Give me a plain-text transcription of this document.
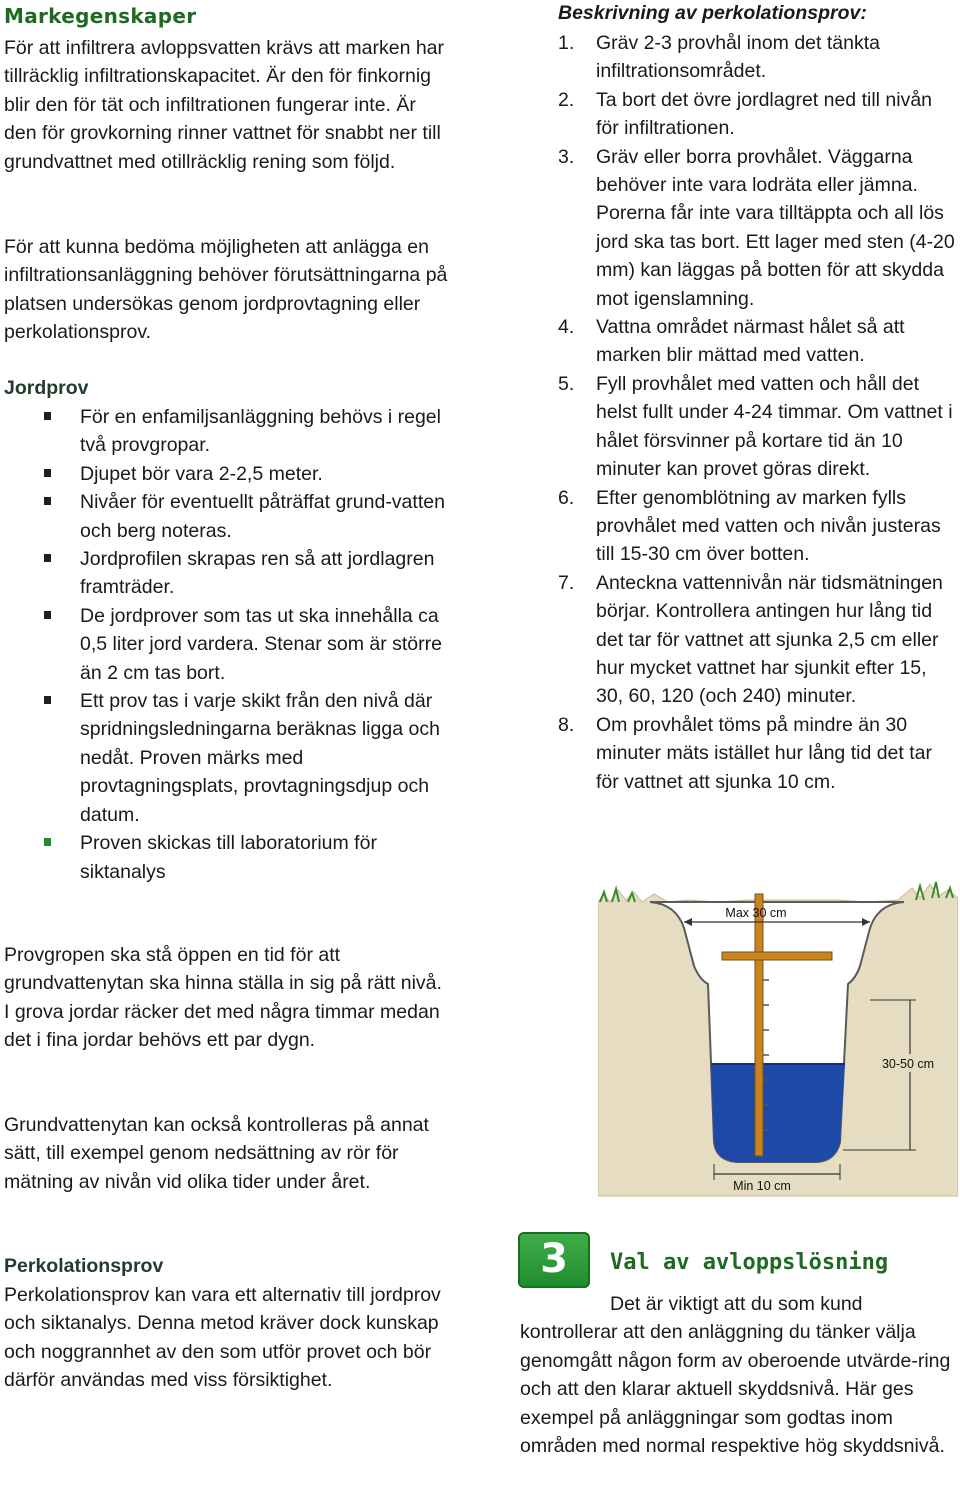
Markegenskaper

För att infiltrera avloppsvatten krävs att marken har tillräcklig infiltrationskapacitet. Är den för finkornig blir den för tät och infiltrationen fungerar inte. Är den för grovkorning rinner vattnet för snabbt ner till grundvattnet med otillräcklig rening som följd.

För att kunna bedöma möjligheten att anlägga en infiltrationsanläggning behöver förutsättningarna på platsen undersökas genom jordprovtagning eller perkolationsprov.

Jordprov
För en enfamiljsanläggning behövs i regel två provgropar.
Djupet bör vara 2-2,5 meter.
Nivåer för eventuellt påträffat grund-vatten och berg noteras.
Jordprofilen skrapas ren så att jordlagren framträder.
De jordprover som tas ut ska innehålla ca 0,5 liter jord vardera. Stenar som är större än 2 cm tas bort.
Ett prov tas i varje skikt från den nivå där spridningsledningarna beräknas ligga och nedåt. Proven märks med provtagningsplats, provtagningsdjup och datum.
Proven skickas till laboratorium för siktanalys

Provgropen ska stå öppen en tid för att grundvattenytan ska hinna ställa in sig på rätt nivå. I grova jordar räcker det med några timmar medan det i fina jordar behövs ett par dygn.

Grundvattenytan kan också kontrolleras på annat sätt, till exempel genom nedsättning av rör för mätning av nivån vid olika tider under året.

Perkolationsprov

Perkolationsprov kan vara ett alternativ till jordprov och siktanalys. Denna metod kräver dock kunskap och noggrannhet av den som utför provet och bör därför användas med viss försiktighet.

Beskrivning av perkolationsprov:
1. Gräv 2-3 provhål inom det tänkta infiltrationsområdet.
2. Ta bort det övre jordlagret ned till nivån för infiltrationen.
3. Gräv eller borra provhålet. Väggarna behöver inte vara lodräta eller jämna. Porerna får inte vara tilltäppta och all lös jord ska tas bort. Ett lager med sten (4-20 mm) kan läggas på botten för att skydda mot igenslamning.
4. Vattna området närmast hålet så att marken blir mättad med vatten.
5. Fyll provhålet med vatten och håll det helst fullt under 4-24 timmar. Om vattnet i hålet försvinner på kortare tid än 10 minuter kan provet göras direkt.
6. Efter genomblötning av marken fylls provhålet med vatten och nivån justeras till 15-30 cm över botten.
7. Anteckna vattennivån när tidsmätningen börjar. Kontrollera antingen hur lång tid det tar för vattnet att sjunka 2,5 cm eller hur mycket vattnet har sjunkit efter 15, 30, 60, 120 (och 240) minuter.
8. Om provhålet töms på mindre än 30 minuter mäts istället hur lång tid det tar för vattnet att sjunka 10 cm.
Max 30 cm
30-50 cm
Min 10 cm
3	Val av avloppslösning

Det är viktigt att du som kund kontrollerar att den anläggning du tänker välja genomgått någon form av oberoende utvärde-ring och att den klarar aktuell skyddsnivå. Här ges exempel på anläggningar som godtas inom områden med normal respektive hög skyddsnivå.
